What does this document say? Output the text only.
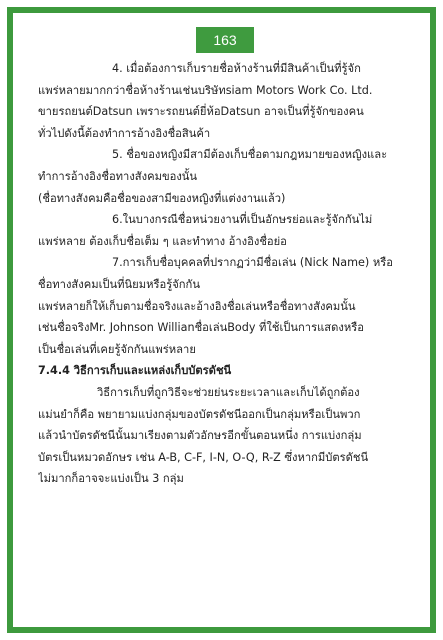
163
4. เมื่อต้องการเก็บรายชื่อห้างร้านที่มีสินค้าเป็นที่รู้จัก
แพร่หลายมากกว่าชื่อห้างร้านเช่นบริษัทsiam Motors Work Co. Ltd.
ขายรถยนต์Datsun เพราะรถยนต์ยี่ห้อDatsun อาจเป็นที่รู้จักของคน
ทั่วไปดังนี้ต้องทำการอ้างอิงชื่อสินค้า
5. ชื่อของหญิงมีสามีต้องเก็บชื่อตามกฎหมายของหญิงและ
ทำการอ้างอิงชื่อทางสังคมของนั้น
(ชื่อทางสังคมคือชื่อของสามีของหญิงที่แต่งงานแล้ว)
6.ในบางกรณีชื่อหน่วยงานที่เป็นอักษรย่อและรู้จักกันไม่
แพร่หลาย ต้องเก็บชื่อเต็ม ๆ และทำทาง อ้างอิงชื่อย่อ
7.การเก็บชื่อบุคคลที่ปรากฏว่ามีชื่อเล่น (Nick Name) หรือ
ชื่อทางสังคมเป็นที่นิยมหรือรู้จักกัน
แพร่หลายก็ให้เก็บตามชื่อจริงและอ้างอิงชื่อเล่นหรือชื่อทางสังคมนั้น
เช่นชื่อจริงMr. Johnson Willianชื่อเล่นBody ที่ใช้เป็นการแสดงหรือ
เป็นชื่อเล่นที่เคยรู้จักกันแพร่หลาย
7.4.4 วิธีการเก็บและแหล่งเก็บบัตรดัชนี
วิธีการเก็บที่ถูกวิธีจะช่วยย่นระยะเวลาและเก็บได้ถูกต้อง
แม่นยำก็คือ พยายามแบ่งกลุ่มของบัตรดัชนีออกเป็นกลุ่มหรือเป็นพวก
แล้วนำบัตรดัชนีนั้นมาเรียงตามตัวอักษรอีกขั้นตอนหนึ่ง การแบ่งกลุ่ม
บัตรเป็นหมวดอักษร เช่น A-B, C-F, I-N, O-Q, R-Z ซึ่งหากมีบัตรดัชนี
ไม่มากก็อาจจะแบ่งเป็น 3 กลุ่ม
